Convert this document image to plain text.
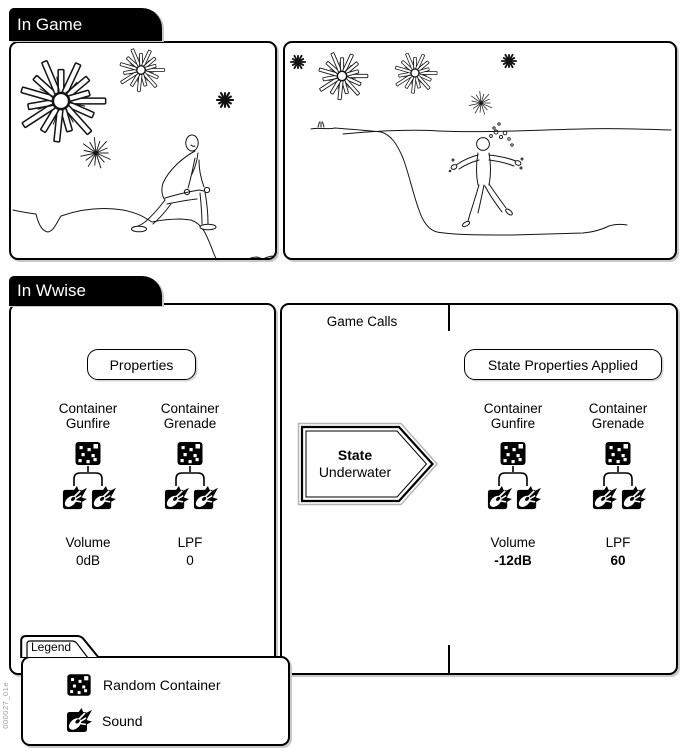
In Game
In Wwise
Properties
Container
Gunfire
Volume
0dB
Container
Grenade
LPF
0
Game Calls
State
Underwater
State Properties Applied
Container
Gunfire
Volume
-12dB
Container
Grenade
LPF
60
Random Container
Sound
Legend
000027_01e
